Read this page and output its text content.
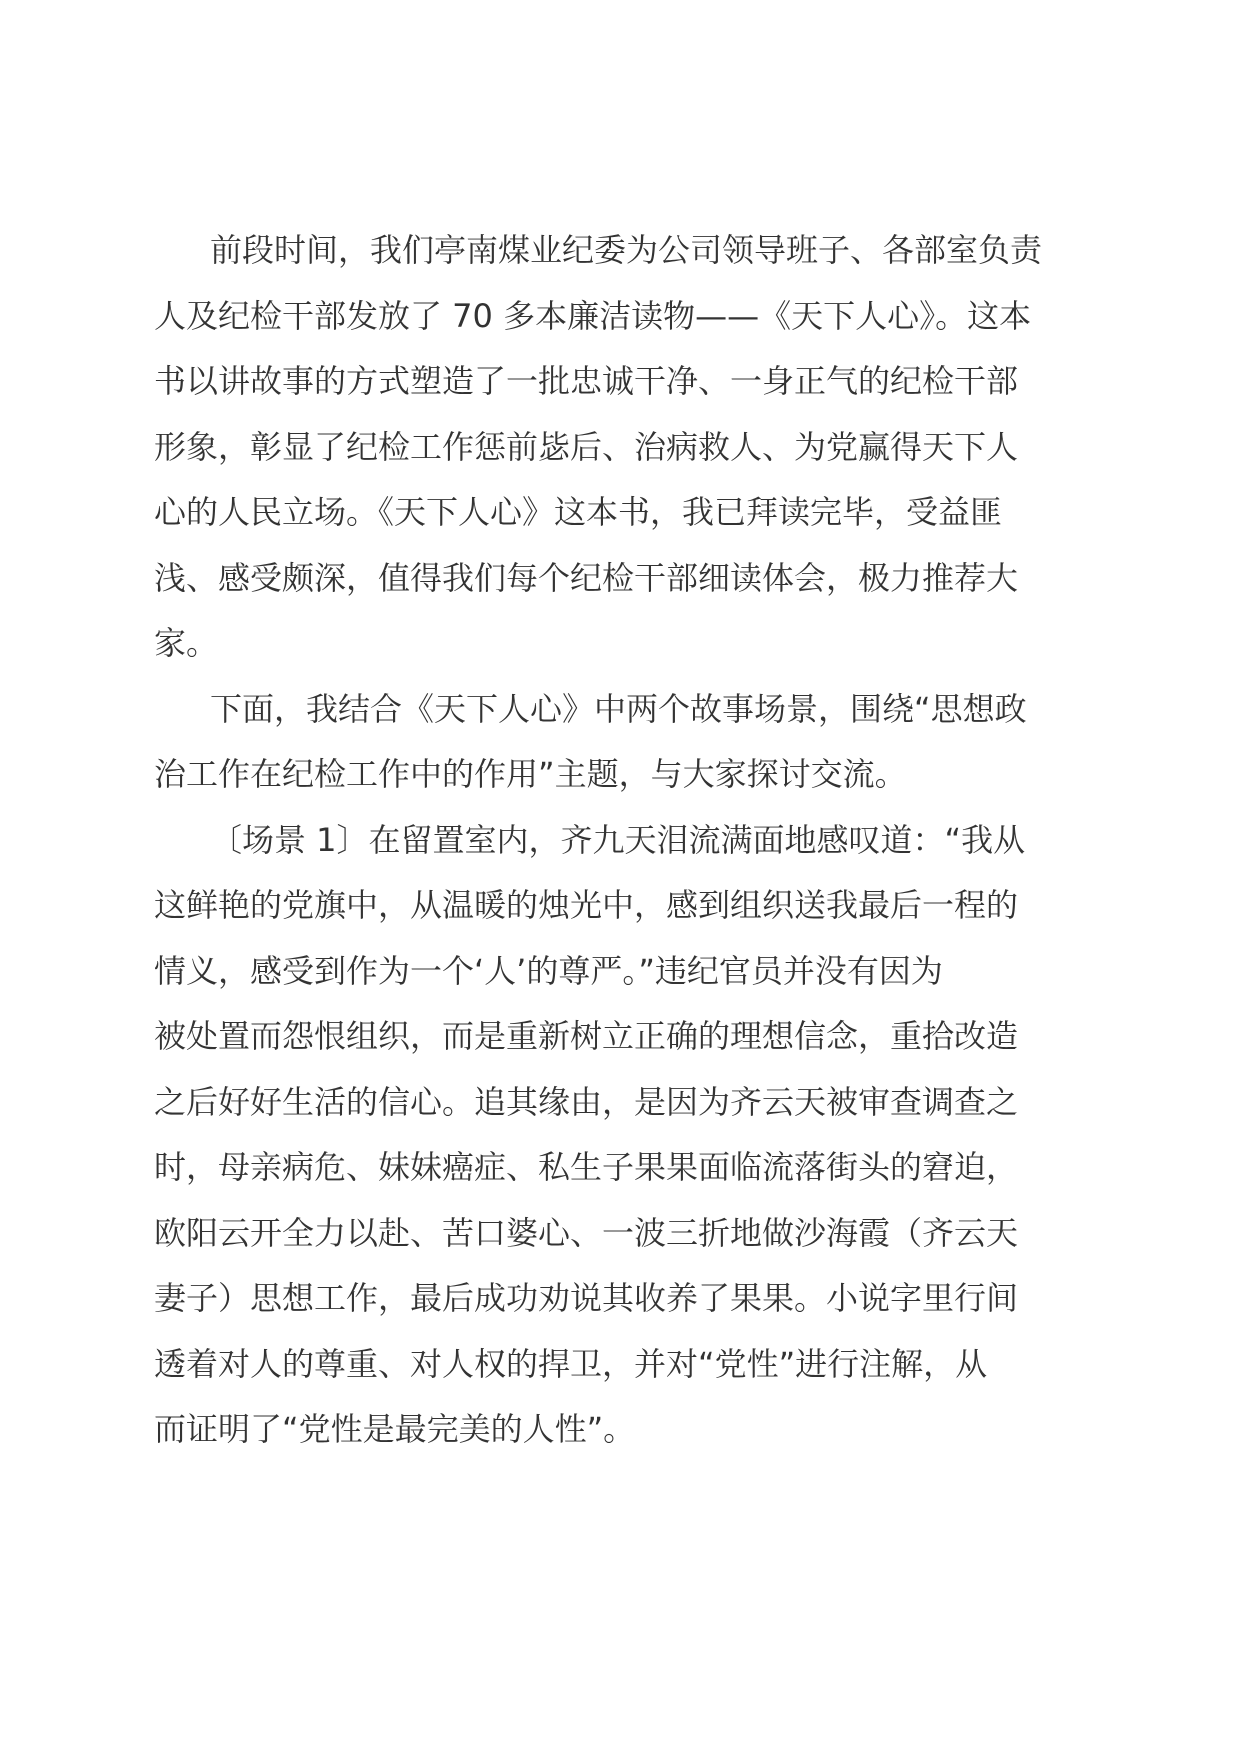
前段时间，我们亭南煤业纪委为公司领导班子、各部室负责
人及纪检干部发放了 70 多本廉洁读物——《天下人心》。这本
书以讲故事的方式塑造了一批忠诚干净、一身正气的纪检干部
形象，彰显了纪检工作惩前毖后、治病救人、为党赢得天下人
心的人民立场。《天下人心》这本书，我已拜读完毕，受益匪
浅、感受颇深，值得我们每个纪检干部细读体会，极力推荐大
家。
下面，我结合《天下人心》中两个故事场景，围绕“思想政
治工作在纪检工作中的作用”主题，与大家探讨交流。
〔场景 1〕在留置室内，齐九天泪流满面地感叹道：“我从
这鲜艳的党旗中，从温暖的烛光中，感到组织送我最后一程的
情义，感受到作为一个‘人’的尊严。”违纪官员并没有因为
被处置而怨恨组织，而是重新树立正确的理想信念，重拾改造
之后好好生活的信心。追其缘由，是因为齐云天被审查调查之
时，母亲病危、妹妹癌症、私生子果果面临流落街头的窘迫，
欧阳云开全力以赴、苦口婆心、一波三折地做沙海霞（齐云天
妻子）思想工作，最后成功劝说其收养了果果。小说字里行间
透着对人的尊重、对人权的捍卫，并对“党性”进行注解，从
而证明了“党性是最完美的人性”。
